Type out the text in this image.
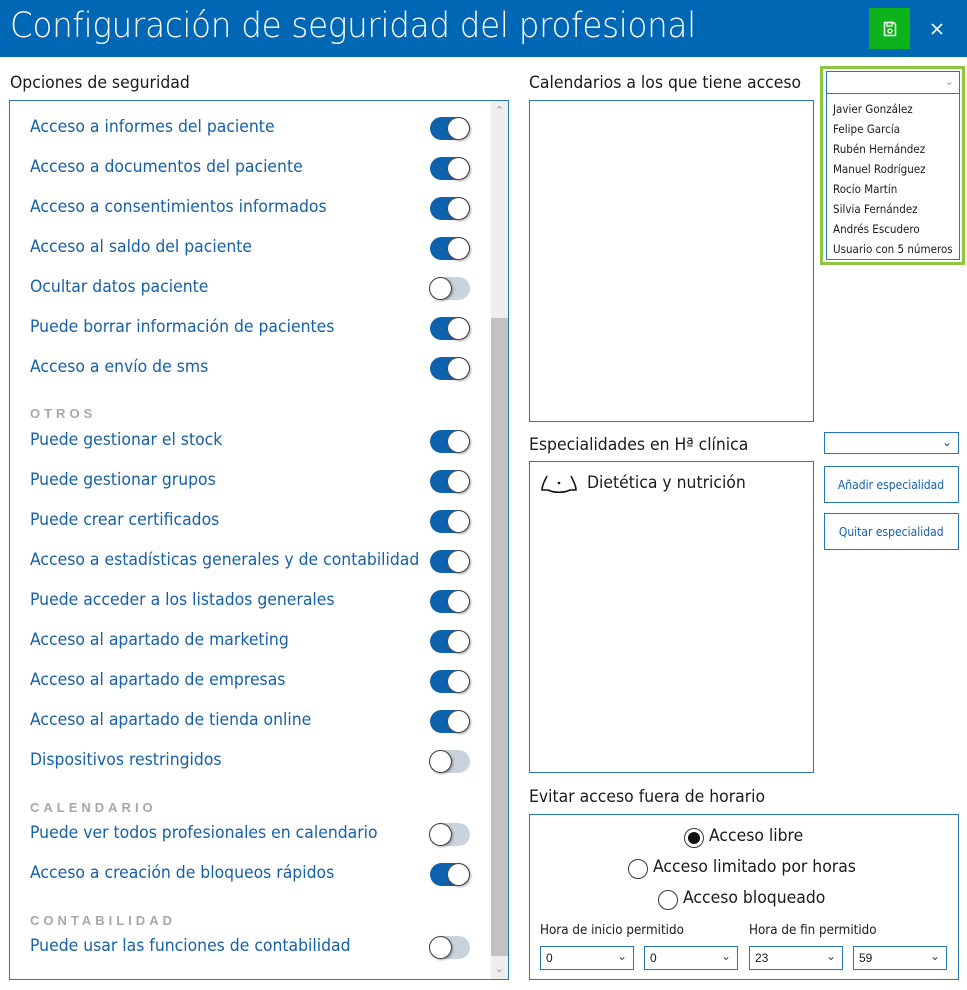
Configuración de seguridad del profesional
Opciones de seguridad
Acceso a informes del paciente
Acceso a documentos del paciente
Acceso a consentimientos informados
Acceso al saldo del paciente
Ocultar datos paciente
Puede borrar información de pacientes
Acceso a envío de sms
OTROS
Puede gestionar el stock
Puede gestionar grupos
Puede crear certificados
Acceso a estadísticas generales y de contabilidad
Puede acceder a los listados generales
Acceso al apartado de marketing
Acceso al apartado de empresas
Acceso al apartado de tienda online
Dispositivos restringidos
CALENDARIO
Puede ver todos profesionales en calendario
Acceso a creación de bloqueos rápidos
CONTABILIDAD
Puede usar las funciones de contabilidad
⌃
⌄
Calendarios a los que tiene acceso	⌄
Javier González
Felipe García
Rubén Hernández
Manuel Rodríguez
Rocío Martín
Silvia Fernández
Andrés Escudero
Usuario con 5 números
Especialidades en Hª clínica	⌄
Dietética y nutrición	Añadir especialidad
Quitar especialidad
Evitar acceso fuera de horario
Acceso libre
Acceso limitado por horas
Acceso bloqueado
Hora de inicio permitido	Hora de fin permitido
0	⌄ 0	⌄ 23	⌄ 59	⌄
